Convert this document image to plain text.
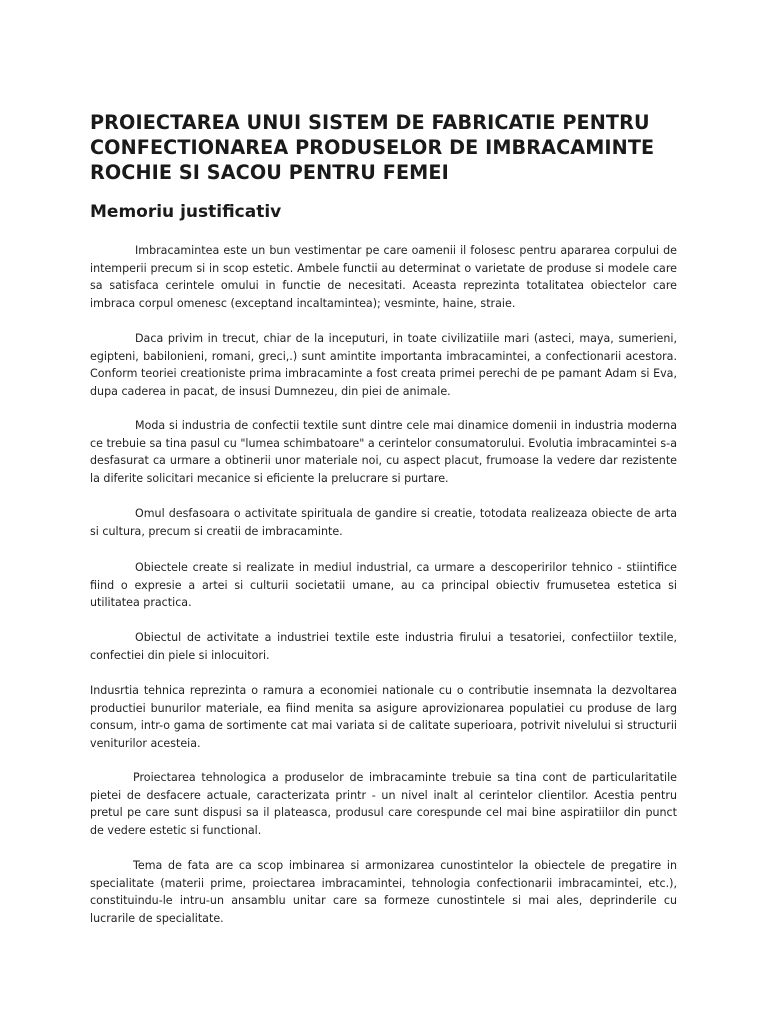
PROIECTAREA UNUI SISTEM DE FABRICATIE PENTRU
CONFECTIONAREA PRODUSELOR DE IMBRACAMINTE
ROCHIE SI SACOU PENTRU FEMEI
Memoriu justificativ

Imbracamintea este un bun vestimentar pe care oamenii il folosesc pentru apararea corpului de intemperii precum si in scop estetic. Ambele functii au determinat o varietate de produse si modele care sa satisfaca cerintele omului in functie de necesitati. Aceasta reprezinta totalitatea obiectelor care imbraca corpul omenesc (exceptand incaltamintea); vesminte, haine, straie.

Daca privim in trecut, chiar de la inceputuri, in toate civilizatiile mari (asteci, maya, sumerieni, egipteni, babilonieni, romani, greci,.) sunt amintite importanta imbracamintei, a confectionarii acestora. Conform teoriei creationiste prima imbracaminte a fost creata primei perechi de pe pamant Adam si Eva, dupa caderea in pacat, de insusi Dumnezeu, din piei de animale.

Moda si industria de confectii textile sunt dintre cele mai dinamice domenii in industria moderna ce trebuie sa tina pasul cu "lumea schimbatoare" a cerintelor consumatorului. Evolutia imbracamintei s-a desfasurat ca urmare a obtinerii unor materiale noi, cu aspect placut, frumoase la vedere dar rezistente la diferite solicitari mecanice si eficiente la prelucrare si purtare.

Omul desfasoara o activitate spirituala de gandire si creatie, totodata realizeaza obiecte de arta si cultura, precum si creatii de imbracaminte.

Obiectele create si realizate in mediul industrial, ca urmare a descoperirilor tehnico - stiintifice fiind o expresie a artei si culturii societatii umane, au ca principal obiectiv frumusetea estetica si utilitatea practica.

Obiectul de activitate a industriei textile este industria firului a tesatoriei, confectiilor textile, confectiei din piele si inlocuitori.

Indusrtia tehnica reprezinta o ramura a economiei nationale cu o contributie insemnata la dezvoltarea productiei bunurilor materiale, ea fiind menita sa asigure aprovizionarea populatiei cu produse de larg consum, intr-o gama de sortimente cat mai variata si de calitate superioara, potrivit nivelului si structurii veniturilor acesteia.

Proiectarea tehnologica a produselor de imbracaminte trebuie sa tina cont de particularitatile pietei de desfacere actuale, caracterizata printr - un nivel inalt al cerintelor clientilor. Acestia pentru pretul pe care sunt dispusi sa il plateasca, produsul care corespunde cel mai bine aspiratiilor din punct de vedere estetic si functional.

Tema de fata are ca scop imbinarea si armonizarea cunostintelor la obiectele de pregatire in specialitate (materii prime, proiectarea imbracamintei, tehnologia confectionarii imbracamintei, etc.), constituindu-le intru-un ansamblu unitar care sa formeze cunostintele si mai ales, deprinderile cu lucrarile de specialitate.
